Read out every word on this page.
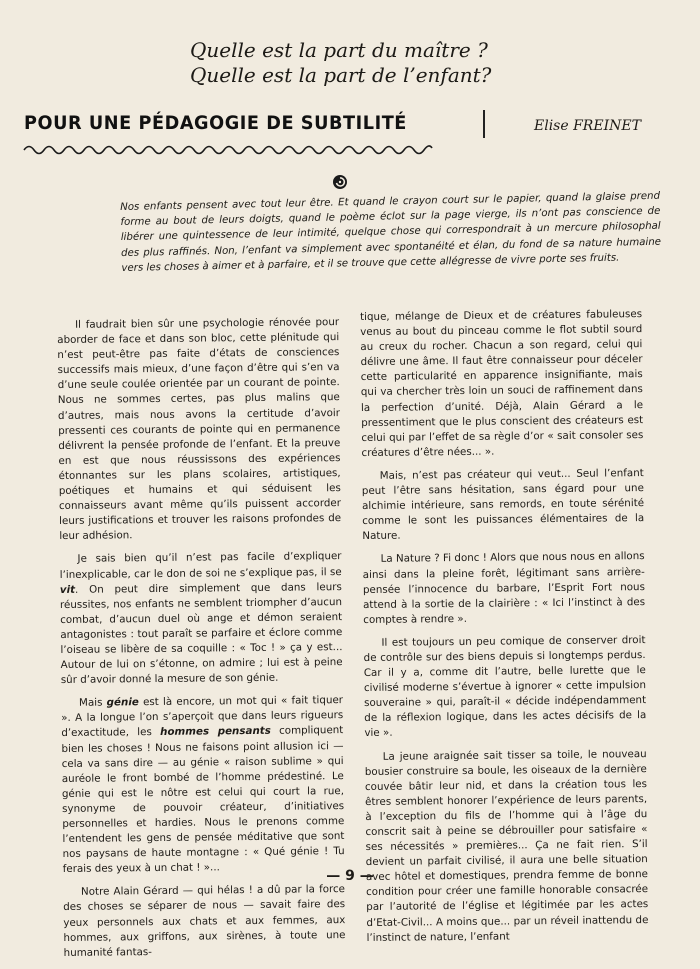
Quelle est la part du maître ?
Quelle est la part de l’enfant?
POUR UNE PÉDAGOGIE DE SUBTILITÉ	Elise FREINET
Nos enfants pensent avec tout leur être. Et quand le crayon court sur le papier, quand la glaise prend forme au bout de leurs doigts, quand le poème éclot sur la page vierge, ils n’ont pas conscience de libérer une quintessence de leur intimité, quelque chose qui correspondrait à un mercure philosophal des plus raffinés. Non, l’enfant va simplement avec spontanéité et élan, du fond de sa nature humaine vers les choses à aimer et à parfaire, et il se trouve que cette allégresse de vivre porte ses fruits.

Il faudrait bien sûr une psychologie rénovée pour aborder de face et dans son bloc, cette plénitude qui n’est peut-être pas faite d’états de consciences successifs mais mieux, d’une façon d’être qui s’en va d’une seule coulée orientée par un courant de pointe. Nous ne sommes certes, pas plus malins que d’autres, mais nous avons la certitude d’avoir pressenti ces courants de pointe qui en permanence délivrent la pensée profonde de l’enfant. Et la preuve en est que nous réussissons des expériences étonnantes sur les plans scolaires, artistiques, poétiques et humains et qui séduisent les connaisseurs avant même qu’ils puissent accorder leurs justifications et trouver les raisons profondes de leur adhésion.

Je sais bien qu’il n’est pas facile d’expliquer l’inexplicable, car le don de soi ne s’explique pas, il se vit. On peut dire simplement que dans leurs réussites, nos enfants ne semblent triompher d’aucun combat, d’aucun duel où ange et démon seraient antagonistes : tout paraît se parfaire et éclore comme l’oiseau se libère de sa coquille : « Toc ! » ça y est... Autour de lui on s’étonne, on admire ; lui est à peine sûr d’avoir donné la mesure de son génie.

Mais génie est là encore, un mot qui « fait tiquer ». A la longue l’on s’aperçoit que dans leurs rigueurs d’exactitude, les hommes pensants compliquent bien les choses ! Nous ne faisons point allusion ici — cela va sans dire — au génie « raison sublime » qui auréole le front bombé de l’homme prédestiné. Le génie qui est le nôtre est celui qui court la rue, synonyme de pouvoir créateur, d’initiatives personnelles et hardies. Nous le prenons comme l’entendent les gens de pensée méditative que sont nos paysans de haute montagne : « Qué génie ! Tu ferais des yeux à un chat ! »...

Notre Alain Gérard — qui hélas ! a dû par la force des choses se séparer de nous — savait faire des yeux personnels aux chats et aux femmes, aux hommes, aux griffons, aux sirènes, à toute une humanité fantas-

tique, mélange de Dieux et de créatures fabuleuses venus au bout du pinceau comme le flot subtil sourd au creux du rocher. Chacun a son regard, celui qui délivre une âme. Il faut être connaisseur pour déceler cette particularité en apparence insignifiante, mais qui va chercher très loin un souci de raffinement dans la perfection d’unité. Déjà, Alain Gérard a le pressentiment que le plus conscient des créateurs est celui qui par l’effet de sa règle d’or « sait consoler ses créatures d’être nées... ».

Mais, n’est pas créateur qui veut... Seul l’enfant peut l’être sans hésitation, sans égard pour une alchimie intérieure, sans remords, en toute sérénité comme le sont les puissances élémentaires de la Nature.

La Nature ? Fi donc ! Alors que nous nous en allons ainsi dans la pleine forêt, légitimant sans arrière-pensée l’innocence du barbare, l’Esprit Fort nous attend à la sortie de la clairière : « Ici l’instinct à des comptes à rendre ».

Il est toujours un peu comique de conserver droit de contrôle sur des biens depuis si longtemps perdus. Car il y a, comme dit l’autre, belle lurette que le civilisé moderne s’évertue à ignorer « cette impulsion souveraine » qui, paraît-il « décide indépendamment de la réflexion logique, dans les actes décisifs de la vie ».

La jeune araignée sait tisser sa toile, le nouveau bousier construire sa boule, les oiseaux de la dernière couvée bâtir leur nid, et dans la création tous les êtres semblent honorer l’expérience de leurs parents, à l’exception du fils de l’homme qui à l’âge du conscrit sait à peine se débrouiller pour satisfaire « ses nécessités » premières... Ça ne fait rien. S’il devient un parfait civilisé, il aura une belle situation avec hôtel et domestiques, prendra femme de bonne condition pour créer une famille honorable consacrée par l’autorité de l’église et légitimée par les actes d’Etat-Civil... A moins que... par un réveil inattendu de l’instinct de nature, l’enfant

— 9 —
